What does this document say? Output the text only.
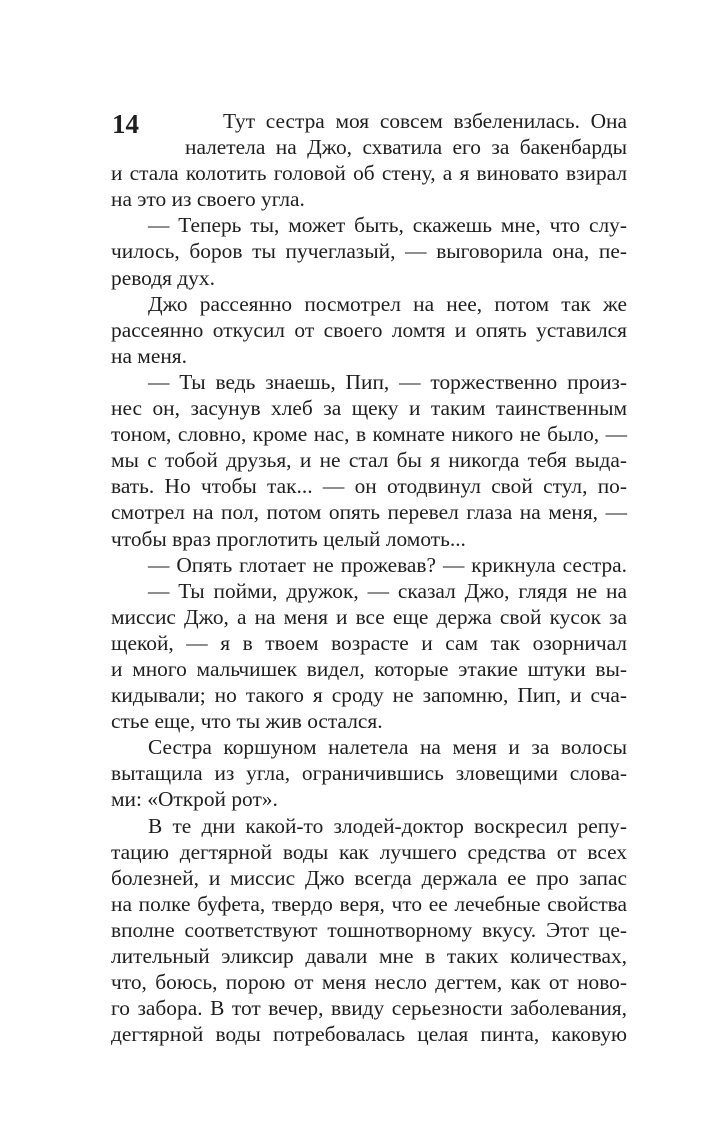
14	Тут сестра моя совсем взбеленилась. Она
налетела на Джо, схватила его за бакенбарды
и стала колотить головой об стену, а я виновато взирал
на это из своего угла.
— Теперь ты, может быть, скажешь мне, что слу-
чилось, боров ты пучеглазый, — выговорила она, пе-
реводя дух.
Джо рассеянно посмотрел на нее, потом так же
рассеянно откусил от своего ломтя и опять уставился
на меня.
— Ты ведь знаешь, Пип, — торжественно произ-
нес он, засунув хлеб за щеку и таким таинственным
тоном, словно, кроме нас, в комнате никого не было, —
мы с тобой друзья, и не стал бы я никогда тебя выда-
вать. Но чтобы так... — он отодвинул свой стул, по-
смотрел на пол, потом опять перевел глаза на меня, —
чтобы враз проглотить целый ломоть...
— Опять глотает не прожевав? — крикнула сестра.
— Ты пойми, дружок, — сказал Джо, глядя не на
миссис Джо, а на меня и все еще держа свой кусок за
щекой, — я в твоем возрасте и сам так озорничал
и много мальчишек видел, которые этакие штуки вы-
кидывали; но такого я сроду не запомню, Пип, и сча-
стье еще, что ты жив остался.
Сестра коршуном налетела на меня и за волосы
вытащила из угла, ограничившись зловещими слова-
ми: «Открой рот».
В те дни какой-то злодей-доктор воскресил репу-
тацию дегтярной воды как лучшего средства от всех
болезней, и миссис Джо всегда держала ее про запас
на полке буфета, твердо веря, что ее лечебные свойства
вполне соответствуют тошнотворному вкусу. Этот це-
лительный эликсир давали мне в таких количествах,
что, боюсь, порою от меня несло дегтем, как от ново-
го забора. В тот вечер, ввиду серьезности заболевания,
дегтярной воды потребовалась целая пинта, каковую
